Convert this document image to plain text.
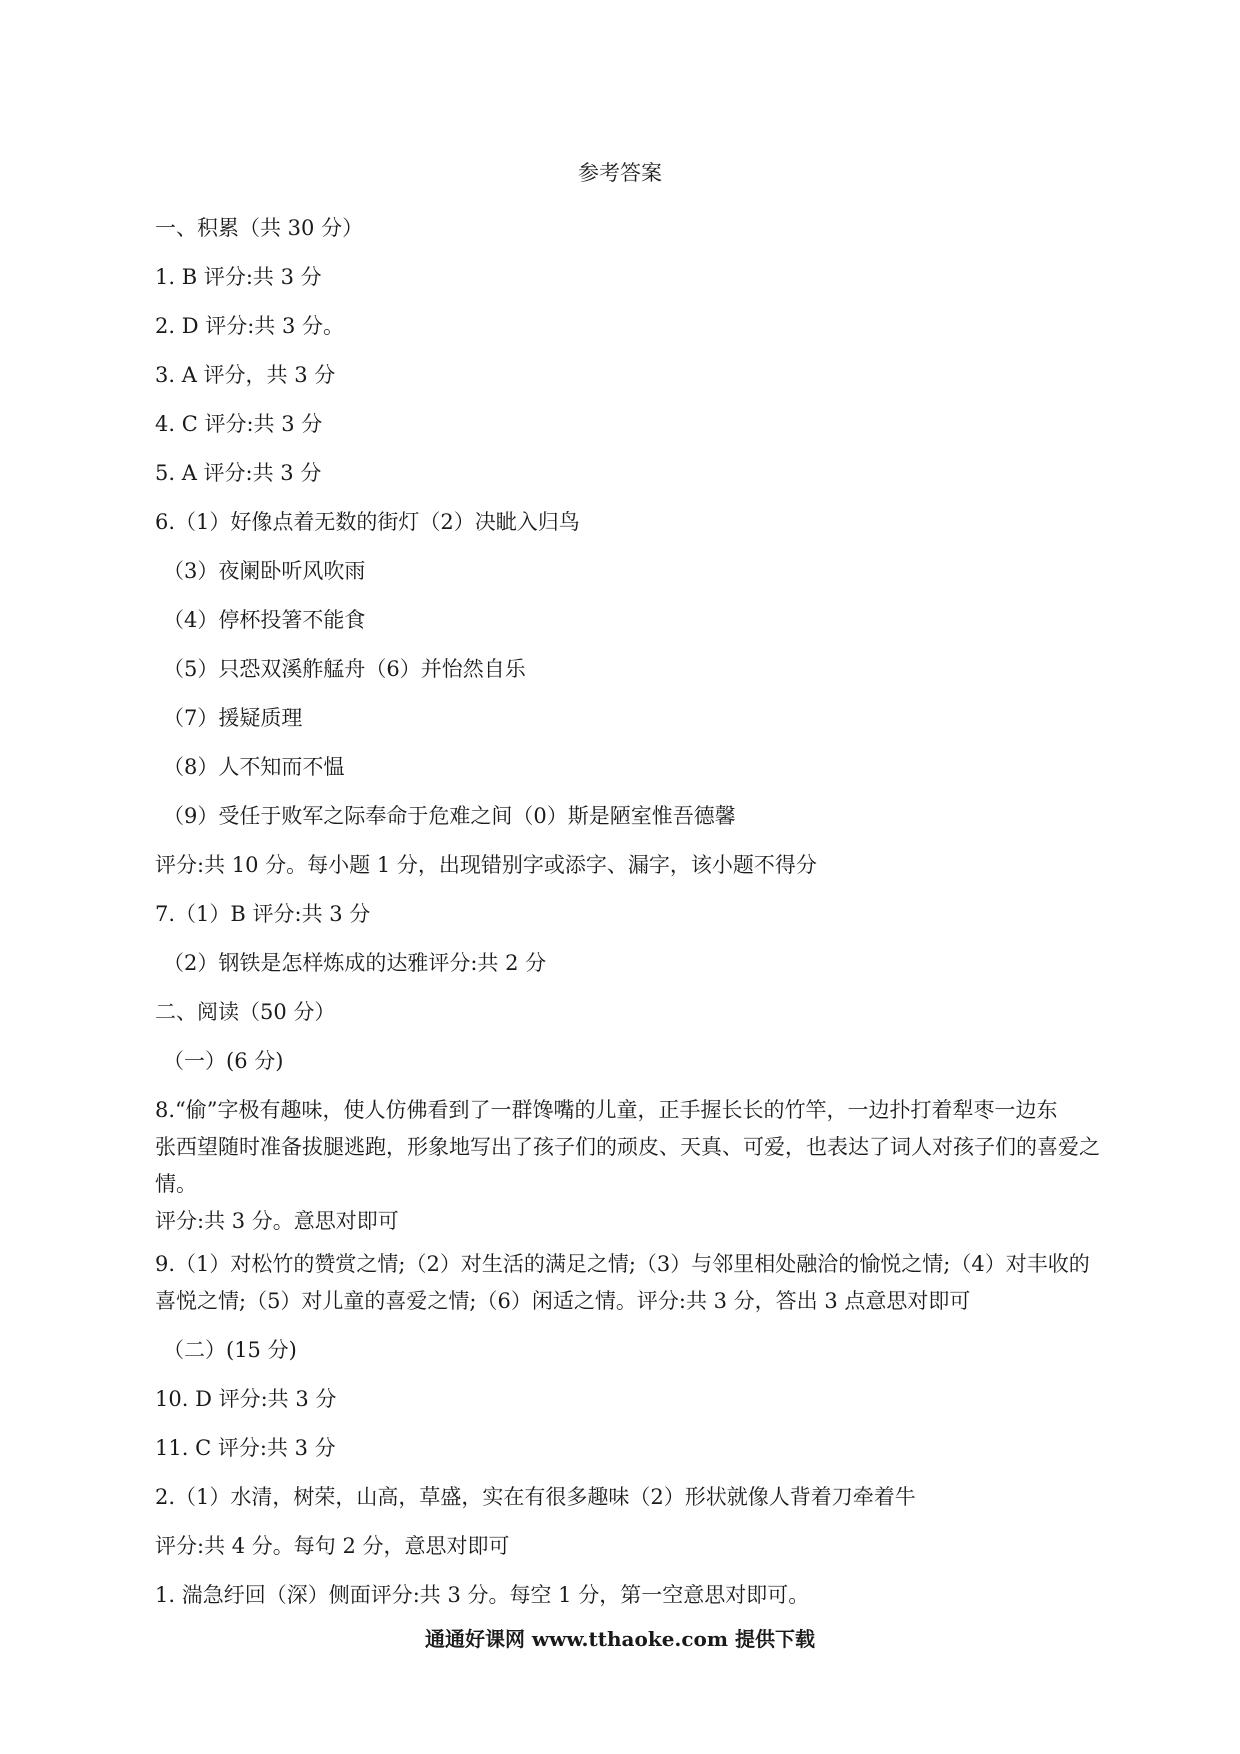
参考答案
一、积累（共 30 分）
1. B 评分:共 3 分
2. D 评分:共 3 分。
3. A 评分，共 3 分
4. C 评分:共 3 分
5. A 评分:共 3 分
6.（1）好像点着无数的街灯（2）决眦入归鸟
（3）夜阑卧听风吹雨
（4）停杯投箸不能食
（5）只恐双溪舴艋舟（6）并怡然自乐
（7）援疑质理
（8）人不知而不愠
（9）受任于败军之际奉命于危难之间（0）斯是陋室惟吾德馨
评分:共 10 分。每小题 1 分，出现错别字或添字、漏字，该小题不得分
7.（1）B 评分:共 3 分
（2）钢铁是怎样炼成的达雅评分:共 2 分
二、阅读（50 分）
（一）(6 分)
8.“偷”字极有趣味，使人仿佛看到了一群馋嘴的儿童，正手握长长的竹竿，一边扑打着犁枣一边东
张西望随时准备拔腿逃跑，形象地写出了孩子们的顽皮、天真、可爱，也表达了词人对孩子们的喜爱之情。
评分:共 3 分。意思对即可
9.（1）对松竹的赞赏之情;（2）对生活的满足之情;（3）与邻里相处融洽的愉悦之情;（4）对丰收的
喜悦之情;（5）对儿童的喜爱之情;（6）闲适之情。评分:共 3 分，答出 3 点意思对即可
（二）(15 分)
10. D 评分:共 3 分
11. C 评分:共 3 分
2.（1）水清，树荣，山高，草盛，实在有很多趣味（2）形状就像人背着刀牵着牛
评分:共 4 分。每句 2 分，意思对即可
1. 湍急纡回（深）侧面评分:共 3 分。每空 1 分，第一空意思对即可。
通通好课网 www.tthaoke.com 提供下载
